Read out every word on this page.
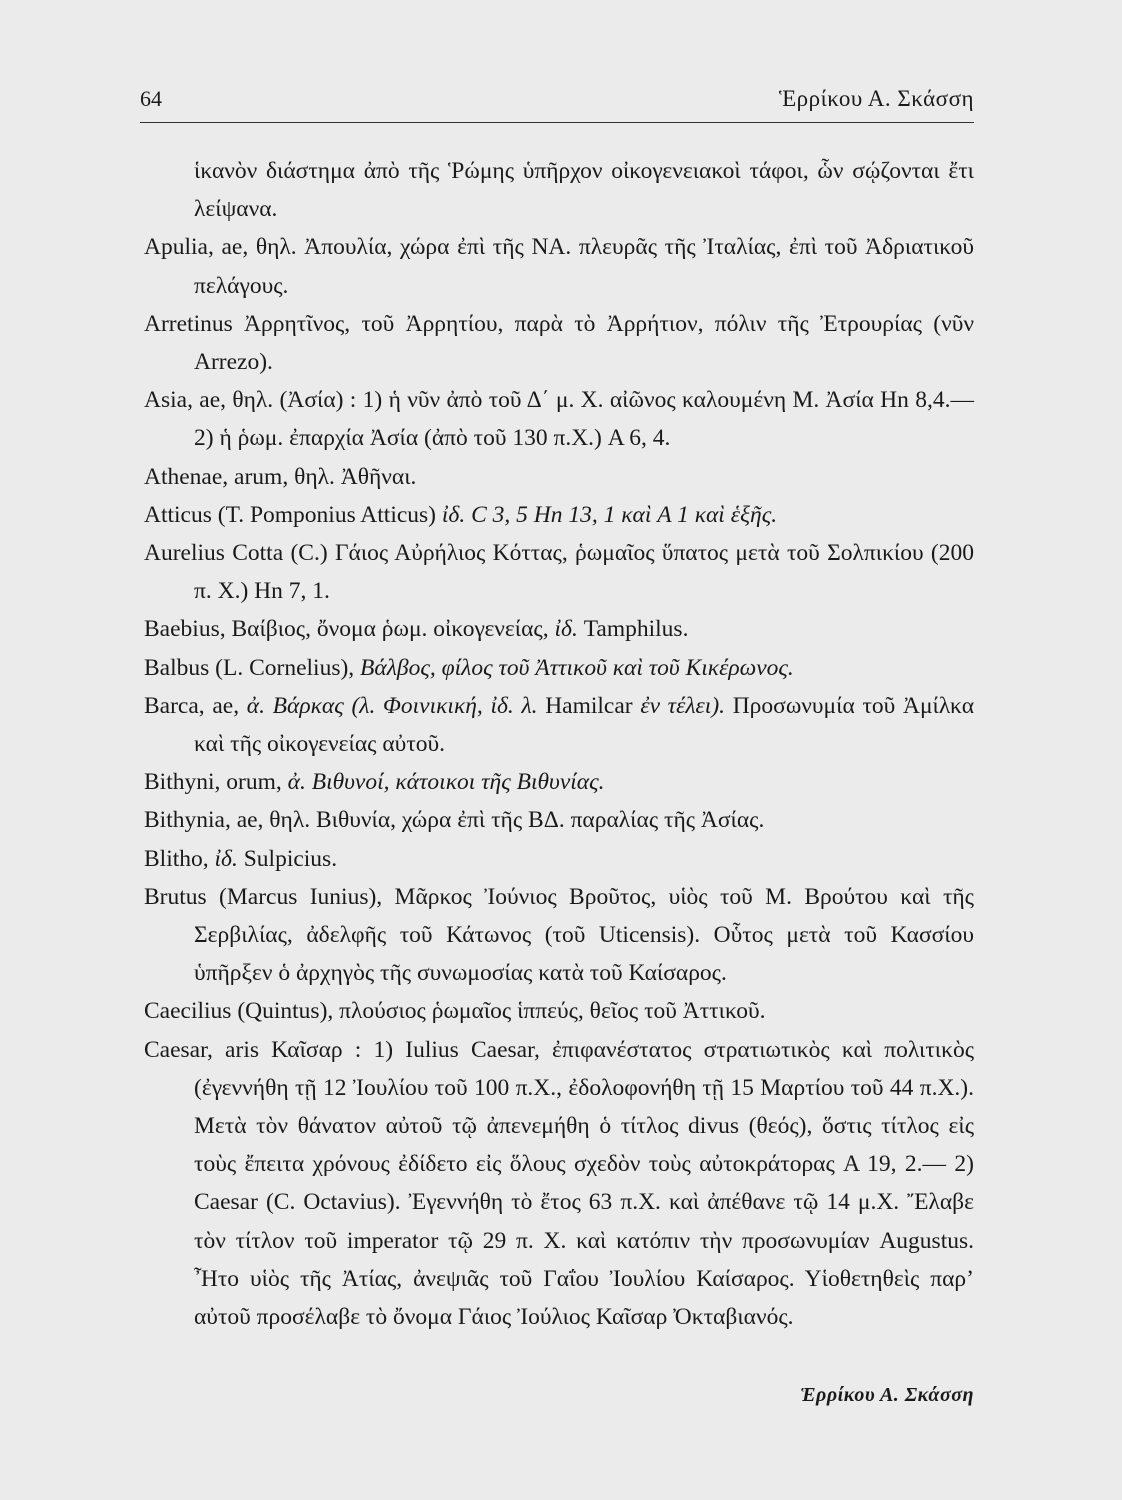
64	Ἑρρίκου Α. Σκάσση

ἱκανὸν διάστημα ἀπὸ τῆς Ῥώμης ὑπῆρχον οἰκογενειακοὶ τάφοι, ὧν σῴζονται ἔτι λείψανα.

Apulia, ae, θηλ. Ἀπουλία, χώρα ἐπὶ τῆς ΝΑ. πλευρᾶς τῆς Ἰταλίας, ἐπὶ τοῦ Ἀδριατικοῦ πελάγους.

Arretinus Ἀρρητῖνος, τοῦ Ἀρρητίου, παρὰ τὸ Ἀρρήτιον, πόλιν τῆς Ἐτρουρίας (νῦν Arrezo).

Asia, ae, θηλ. (Ἀσία) : 1) ἡ νῦν ἀπὸ τοῦ Δ΄ μ. Χ. αἰῶνος καλουμένη Μ. Ἀσία Hn 8,4.—2) ἡ ῥωμ. ἐπαρχία Ἀσία (ἀπὸ τοῦ 130 π.Χ.) A 6, 4.

Athenae, arum, θηλ. Ἀθῆναι.

Atticus (T. Pomponius Atticus) ἰδ. C 3, 5 Hn 13, 1 καὶ A 1 καὶ ἑξῆς.

Aurelius Cotta (C.) Γάιος Αὐρήλιος Κόττας, ῥωμαῖος ὕπατος μετὰ τοῦ Σολπικίου (200 π. Χ.) Hn 7, 1.

Baebius, Βαίβιος, ὄνομα ῥωμ. οἰκογενείας, ἰδ. Tamphilus.

Balbus (L. Cornelius), Βάλβος, φίλος τοῦ Ἀττικοῦ καὶ τοῦ Κικέρωνος.

Barca, ae, ἀ. Βάρκας (λ. Φοινικική, ἰδ. λ. Hamilcar ἐν τέλει). Προσωνυμία τοῦ Ἀμίλκα καὶ τῆς οἰκογενείας αὐτοῦ.

Bithyni, orum, ἀ. Βιθυνοί, κάτοικοι τῆς Βιθυνίας.

Bithynia, ae, θηλ. Βιθυνία, χώρα ἐπὶ τῆς ΒΔ. παραλίας τῆς Ἀσίας.

Blitho, ἰδ. Sulpicius.

Brutus (Marcus Iunius), Μᾶρκος Ἰούνιος Βροῦτος, υἱὸς τοῦ Μ. Βρούτου καὶ τῆς Σερβιλίας, ἀδελφῆς τοῦ Κάτωνος (τοῦ Uticensis). Οὗτος μετὰ τοῦ Κασσίου ὑπῆρξεν ὁ ἀρχηγὸς τῆς συνωμοσίας κατὰ τοῦ Καίσαρος.

Caecilius (Quintus), πλούσιος ῥωμαῖος ἱππεύς, θεῖος τοῦ Ἀττικοῦ.

Caesar, aris Καῖσαρ : 1) Iulius Caesar, ἐπιφανέστατος στρατιωτικὸς καὶ πολιτικὸς (ἐγεννήθη τῇ 12 Ἰουλίου τοῦ 100 π.Χ., ἐδολοφονήθη τῇ 15 Μαρτίου τοῦ 44 π.Χ.). Μετὰ τὸν θάνατον αὐτοῦ τῷ ἀπενεμήθη ὁ τίτλος divus (θεός), ὅστις τίτλος εἰς τοὺς ἔπειτα χρόνους ἐδίδετο εἰς ὅλους σχεδὸν τοὺς αὐτοκράτορας A 19, 2.— 2) Caesar (C. Octavius). Ἐγεννήθη τὸ ἔτος 63 π.Χ. καὶ ἀπέθανε τῷ 14 μ.Χ. Ἔλαβε τὸν τίτλον τοῦ imperator τῷ 29 π. Χ. καὶ κατόπιν τὴν προσωνυμίαν Augustus. Ἦτο υἱὸς τῆς Ἀτίας, ἀνεψιᾶς τοῦ Γαΐου Ἰουλίου Καίσαρος. Υἱοθετηθεὶς παρ’ αὐτοῦ προσέλαβε τὸ ὄνομα Γάιος Ἰούλιος Καῖσαρ Ὀκταβιανός.

Ἑρρίκου Α. Σκάσση
